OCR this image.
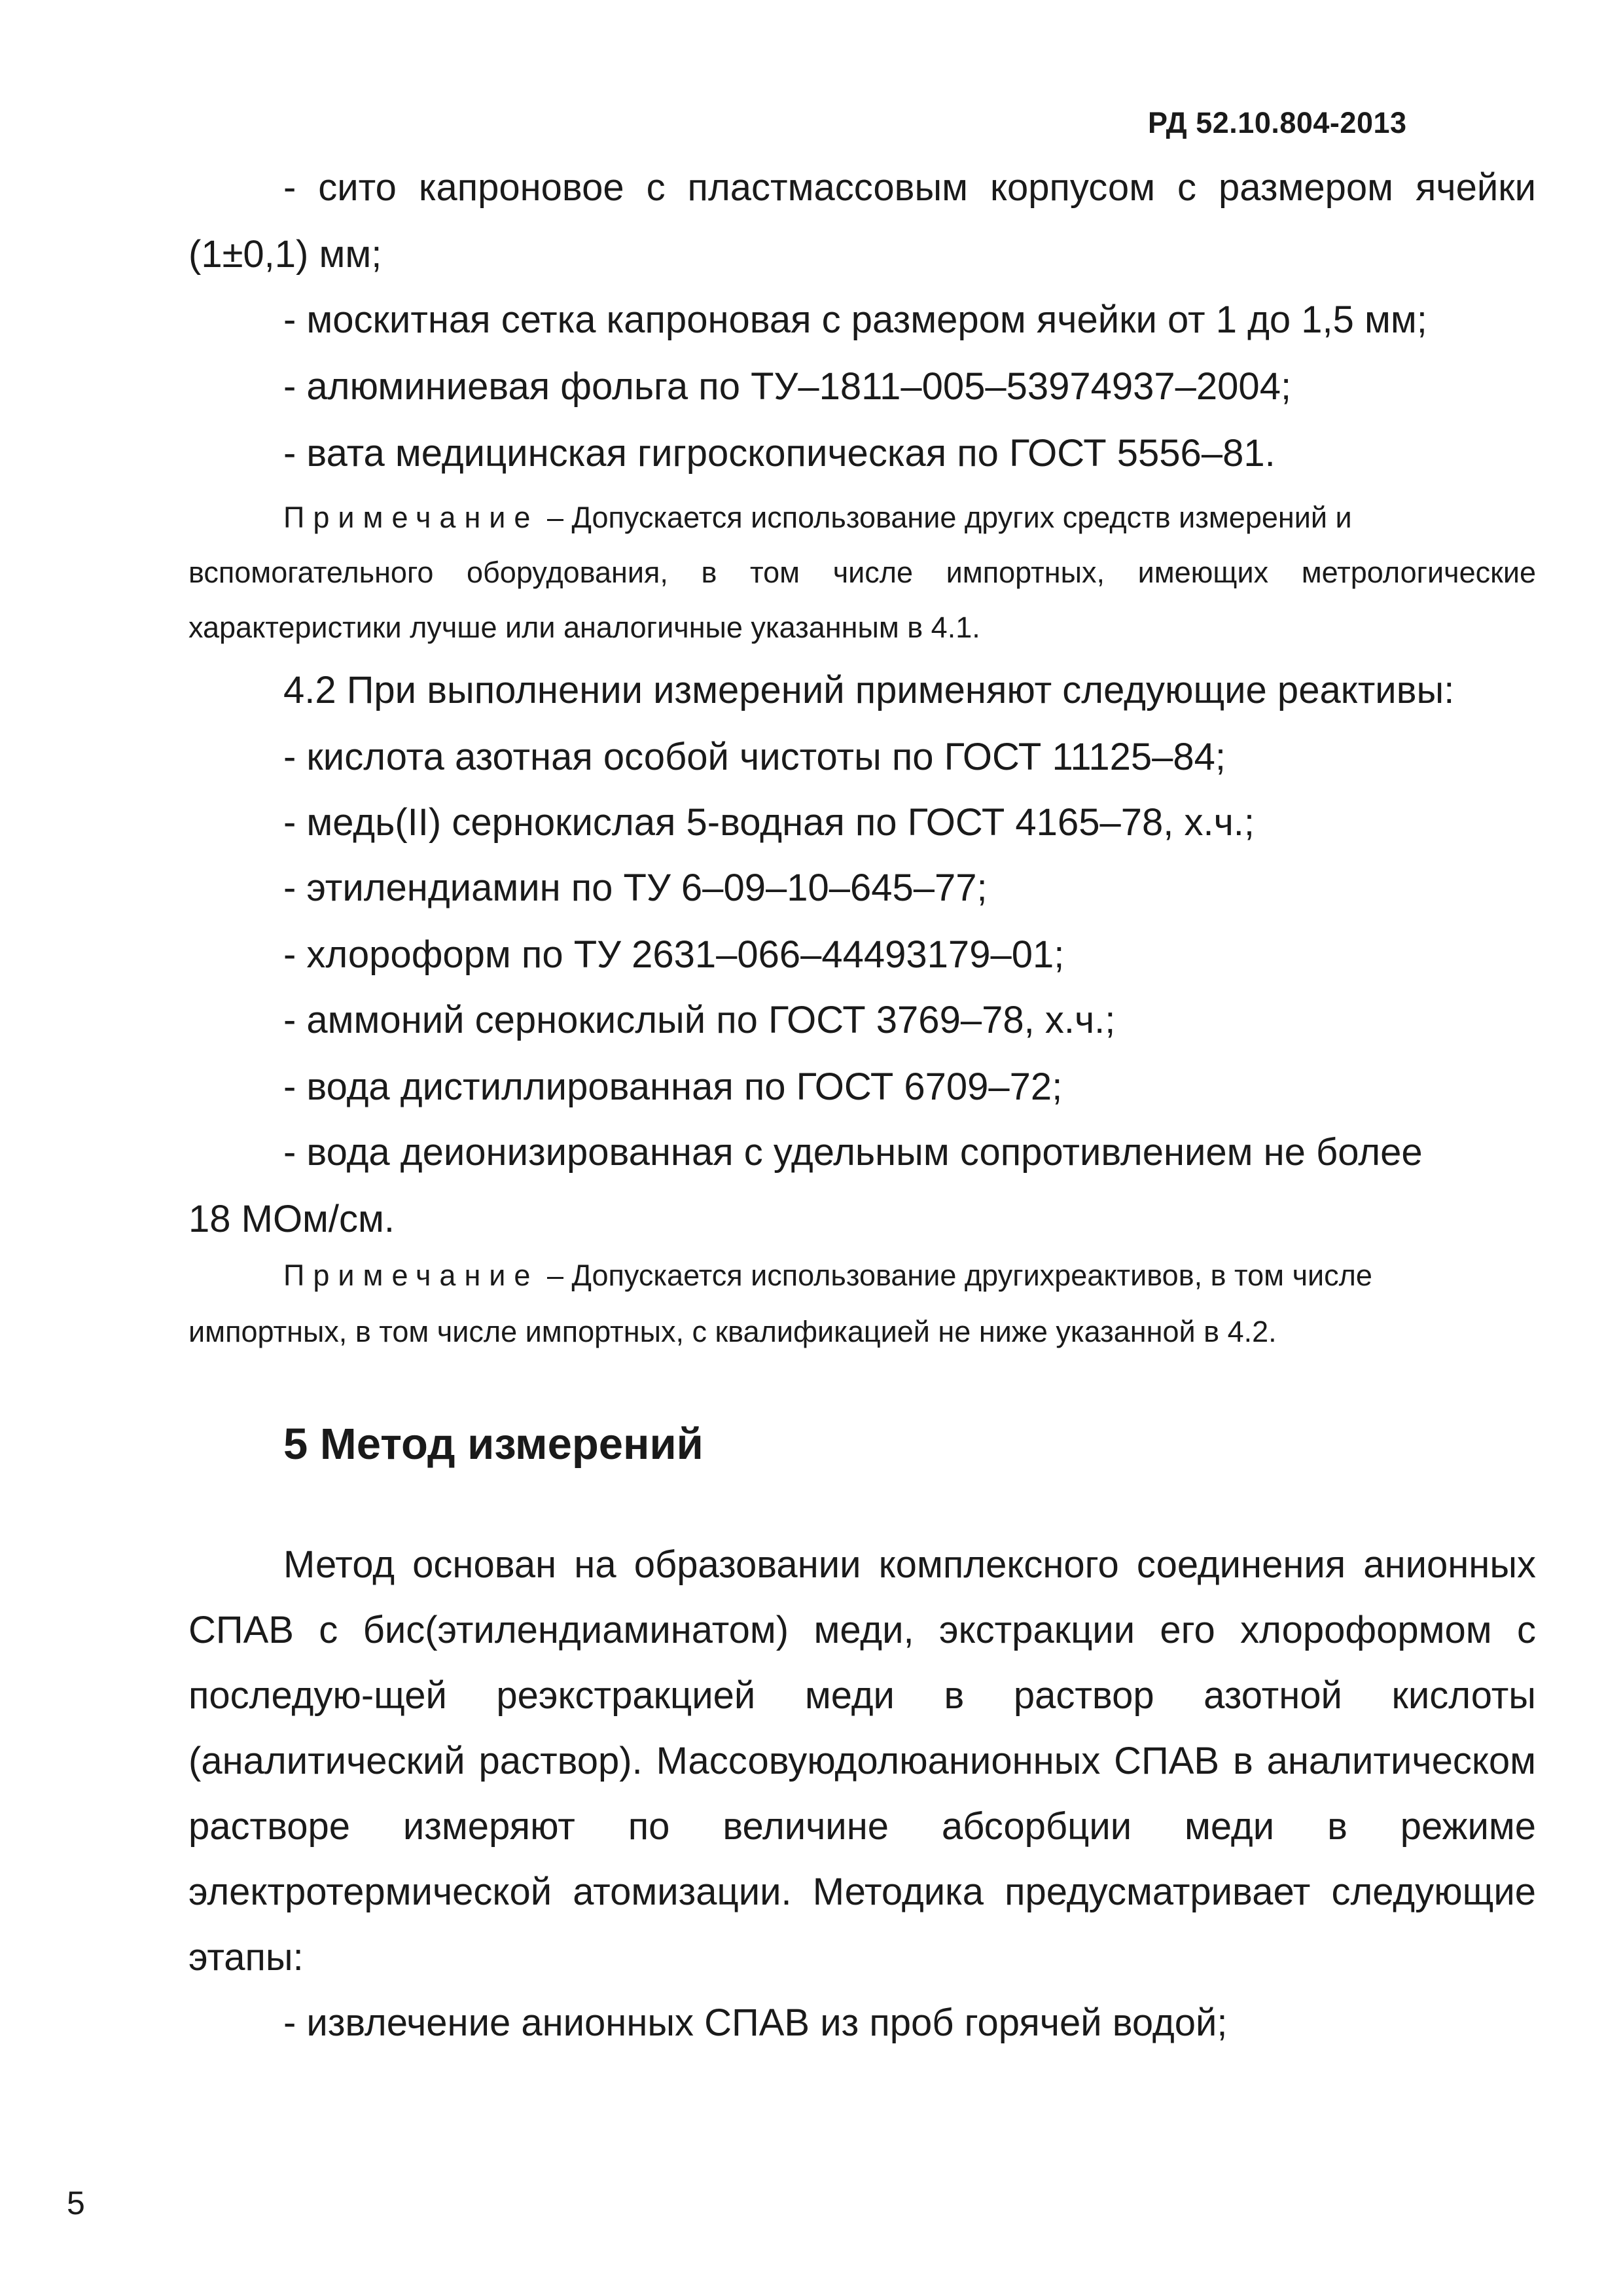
РД 52.10.804-2013
- сито капроновое с пластмассовым корпусом с размером ячейки
(1±0,1) мм;
- москитная сетка капроновая с размером ячейки от 1 до 1,5 мм;
- алюминиевая фольга по ТУ–1811–005–53974937–2004;
- вата медицинская гигроскопическая по ГОСТ 5556–81.
Примечание – Допускается использование других средств измерений и
вспомогательного оборудования, в том числе импортных, имеющих метрологические
характеристики лучше или аналогичные указанным в 4.1.
4.2 При выполнении измерений применяют следующие реактивы:
- кислота азотная особой чистоты по ГОСТ 11125–84;
- медь(II) сернокислая 5-водная по ГОСТ 4165–78, х.ч.;
- этилендиамин по ТУ 6–09–10–645–77;
- хлороформ по ТУ 2631–066–44493179–01;
- аммоний сернокислый по ГОСТ 3769–78, х.ч.;
- вода дистиллированная по ГОСТ 6709–72;
- вода деионизированная с удельным сопротивлением не более
18 МОм/см.
Примечание – Допускается использование другихреактивов, в том числе
импортных, в том числе импортных, с квалификацией не ниже указанной в 4.2.
5 Метод измерений
Метод основан на образовании комплексного соединения анионных
СПАВ с бис(этилендиаминатом) меди, экстракции его хлороформом с
последую-щей реэкстракцией меди в раствор азотной кислоты
(аналитический раствор). Массовуюдолюанионных СПАВ в аналитическом
растворе измеряют по величине абсорбции меди в режиме
электротермической атомизации. Методика предусматривает следующие
этапы:
- извлечение анионных СПАВ из проб горячей водой;
5
